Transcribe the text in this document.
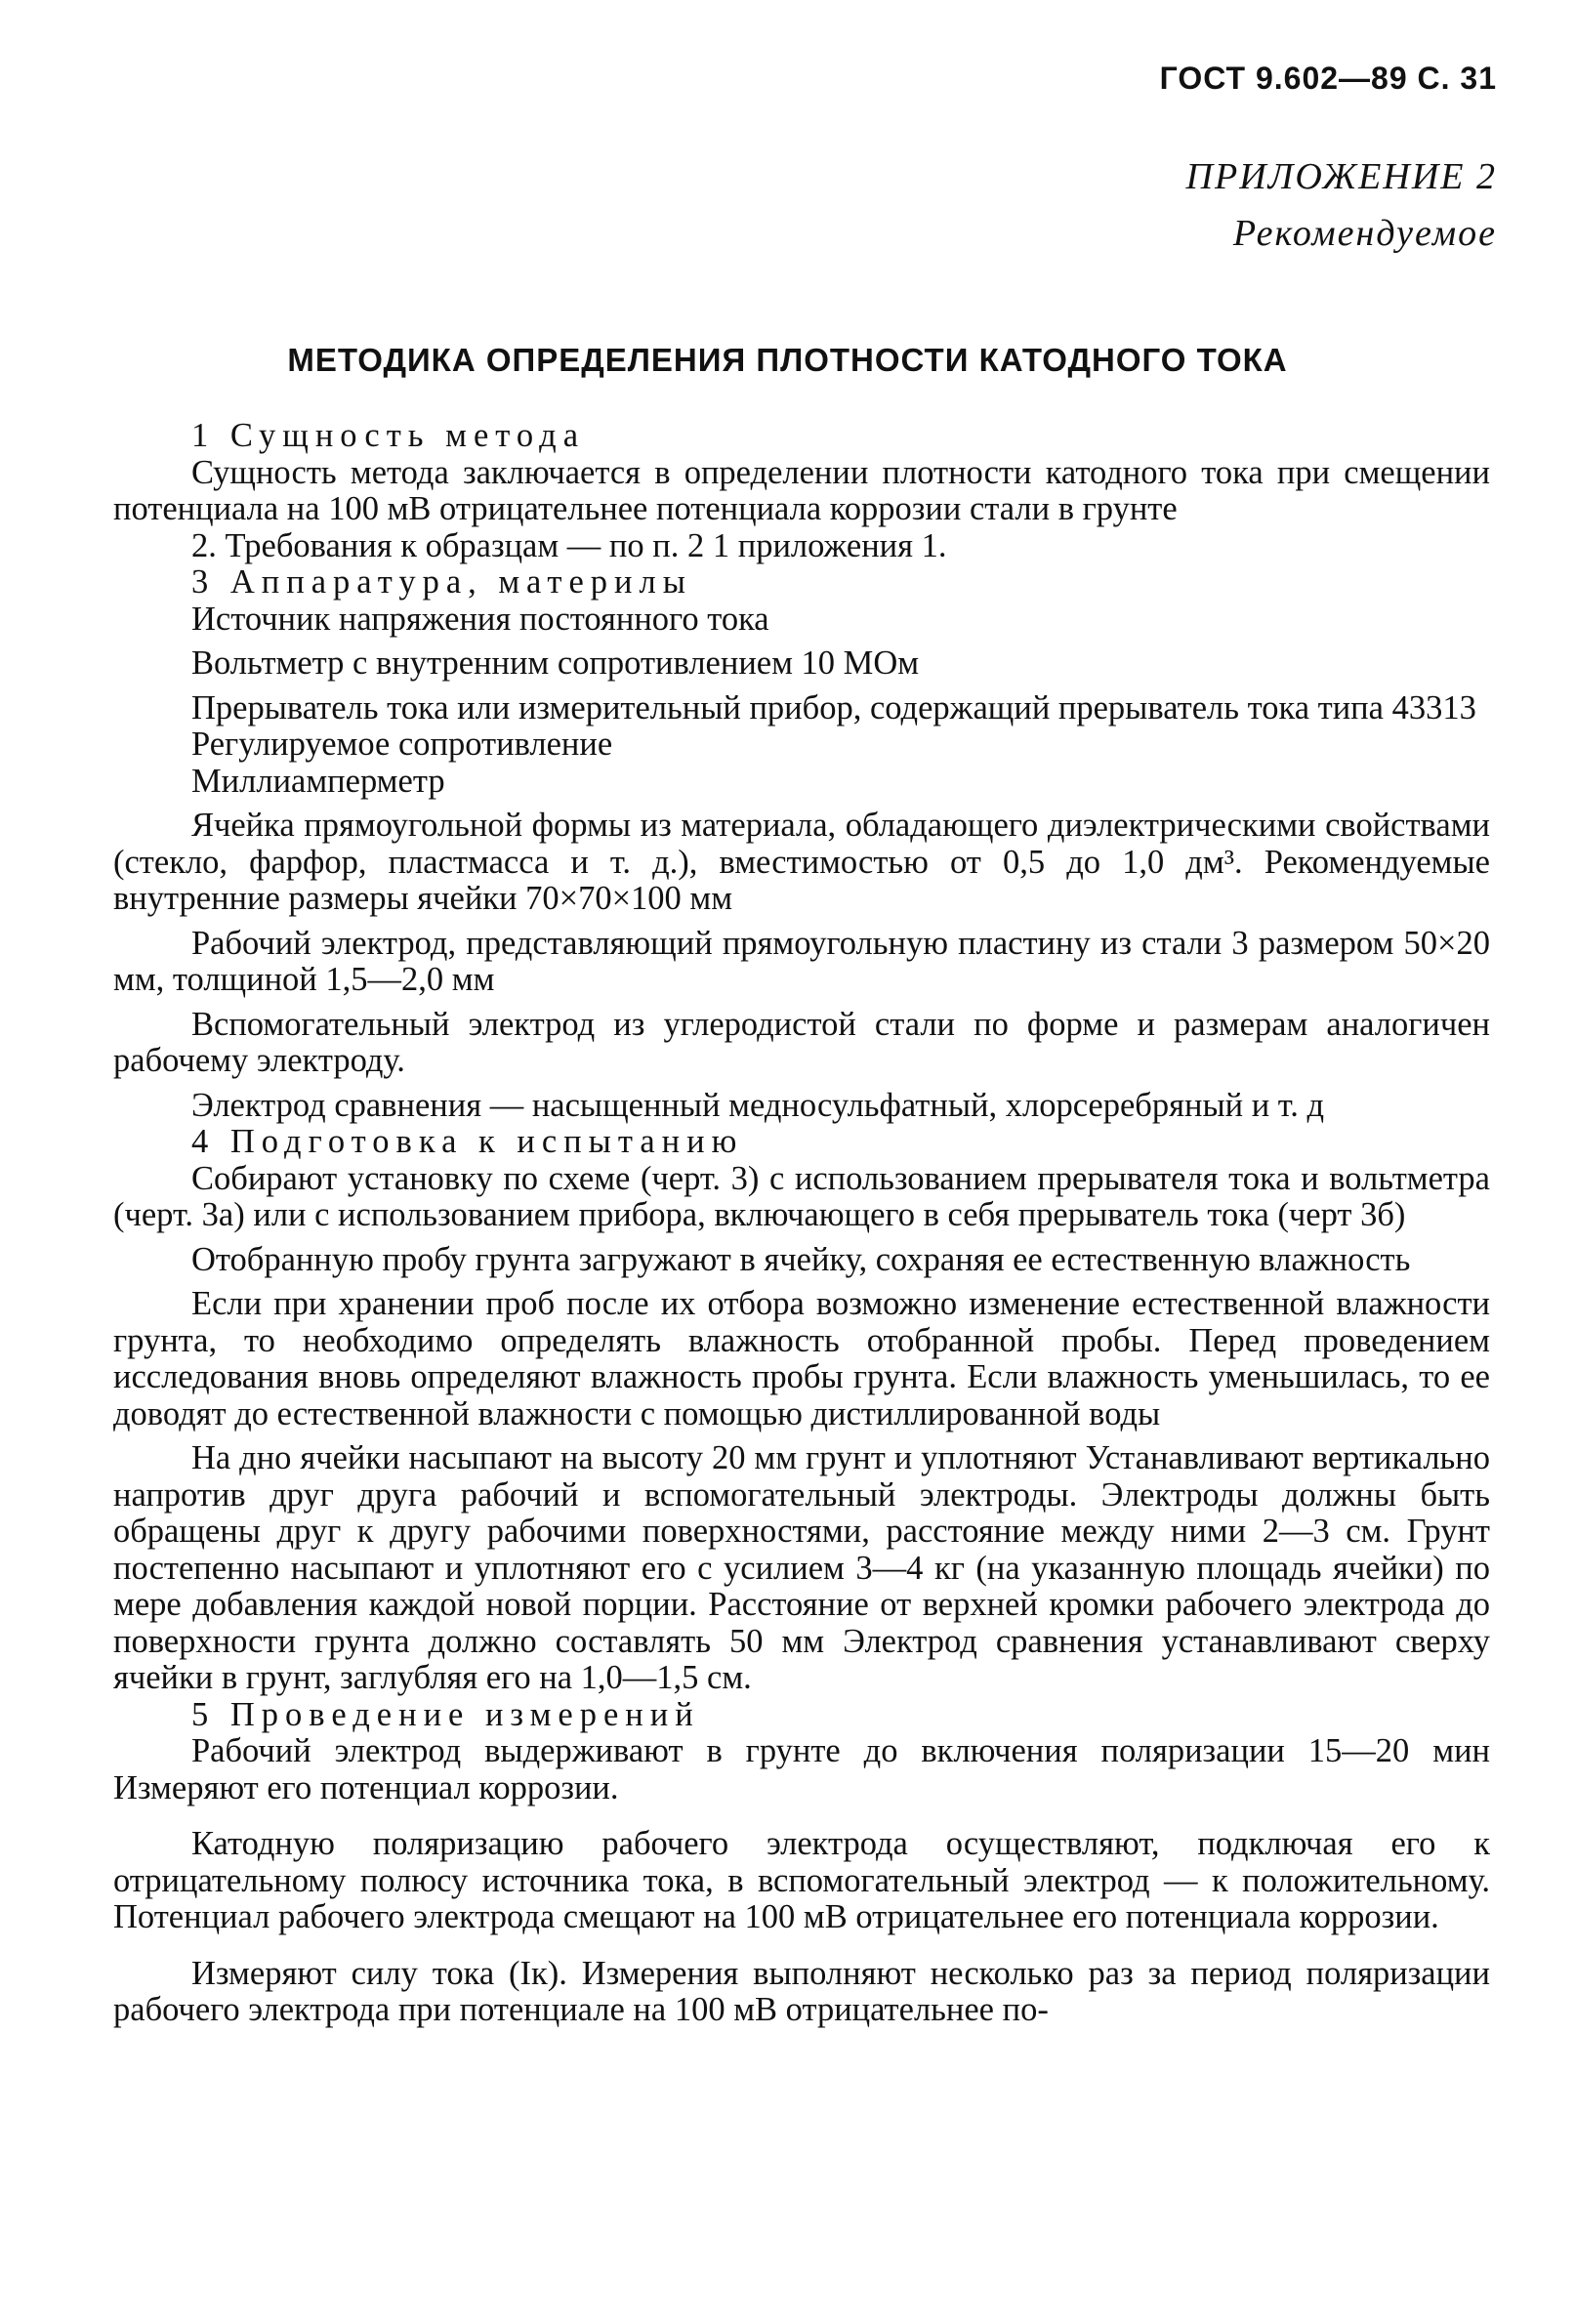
ГОСТ 9.602—89 С. 31
ПРИЛОЖЕНИЕ 2
Рекомендуемое
МЕТОДИКА ОПРЕДЕЛЕНИЯ ПЛОТНОСТИ КАТОДНОГО ТОКА

1 Сущность метода

Сущность метода заключается в определении плотности катодного тока при смещении потенциала на 100 мВ отрицательнее потенциала коррозии стали в грунте

2. Требования к образцам — по п. 2 1 приложения 1.

3 Аппаратура, материлы

Источник напряжения постоянного тока

Вольтметр с внутренним сопротивлением 10 МОм

Прерыватель тока или измерительный прибор, содержащий прерыватель тока типа 43313

Регулируемое сопротивление

Миллиамперметр

Ячейка прямоугольной формы из материала, обладающего диэлектрическими свойствами (стекло, фарфор, пластмасса и т. д.), вместимостью от 0,5 до 1,0 дм³. Рекомендуемые внутренние размеры ячейки 70×70×100 мм

Рабочий электрод, представляющий прямоугольную пластину из стали 3 размером 50×20 мм, толщиной 1,5—2,0 мм

Вспомогательный электрод из углеродистой стали по форме и размерам аналогичен рабочему электроду.

Электрод сравнения — насыщенный медносульфатный, хлорсеребряный и т. д

4 Подготовка к испытанию

Собирают установку по схеме (черт. 3) с использованием прерывателя тока и вольтметра (черт. 3а) или с использованием прибора, включающего в себя прерыватель тока (черт 3б)

Отобранную пробу грунта загружают в ячейку, сохраняя ее естественную влажность

Если при хранении проб после их отбора возможно изменение естественной влажности грунта, то необходимо определять влажность отобранной пробы. Перед проведением исследования вновь определяют влажность пробы грунта. Если влажность уменьшилась, то ее доводят до естественной влажности с помощью дистиллированной воды

На дно ячейки насыпают на высоту 20 мм грунт и уплотняют Устанавливают вертикально напротив друг друга рабочий и вспомогательный электроды. Электроды должны быть обращены друг к другу рабочими поверхностями, расстояние между ними 2—3 см. Грунт постепенно насыпают и уплотняют его с усилием 3—4 кг (на указанную площадь ячейки) по мере добавления каждой новой порции. Расстояние от верхней кромки рабочего электрода до поверхности грунта должно составлять 50 мм Электрод сравнения устанавливают сверху ячейки в грунт, заглубляя его на 1,0—1,5 см.

5 Проведение измерений

Рабочий электрод выдерживают в грунте до включения поляризации 15—20 мин Измеряют его потенциал коррозии.

Катодную поляризацию рабочего электрода осуществляют, подключая его к отрицательному полюсу источника тока, в вспомогательный электрод — к положительному. Потенциал рабочего электрода смещают на 100 мВ отрицательнее его потенциала коррозии.

Измеряют силу тока (Iк). Измерения выполняют несколько раз за период поляризации рабочего электрода при потенциале на 100 мВ отрицательнее по-
